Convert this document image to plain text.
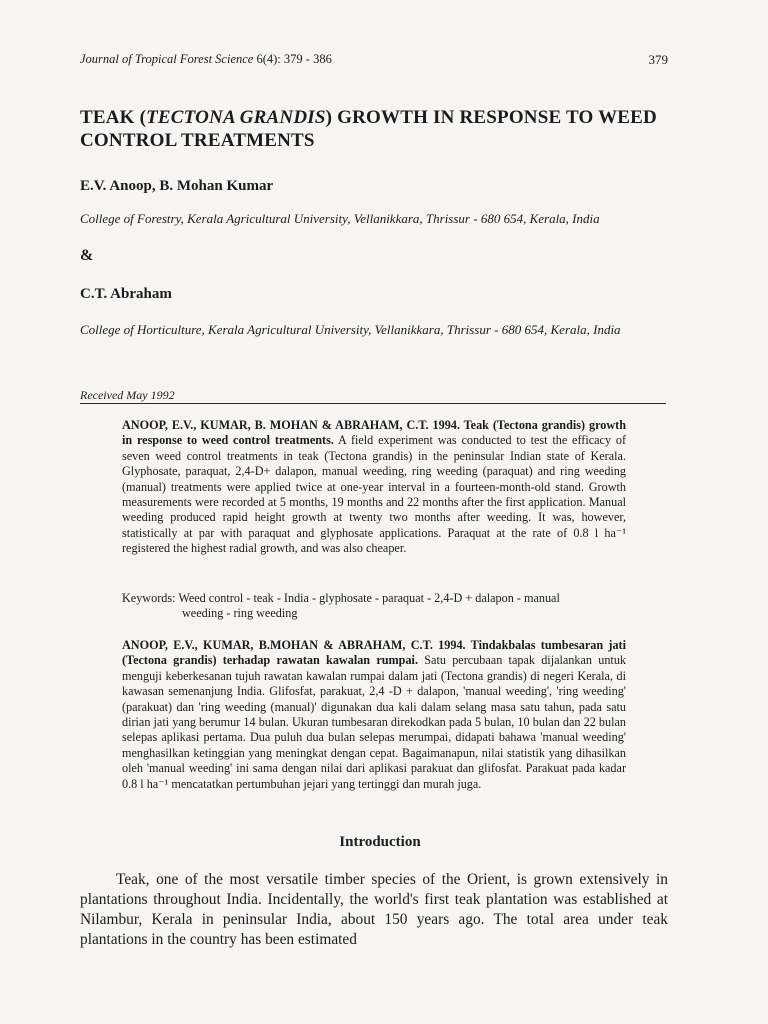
Journal of Tropical Forest Science 6(4): 379 - 386	379
TEAK (TECTONA GRANDIS) GROWTH IN RESPONSE TO WEED CONTROL TREATMENTS
E.V. Anoop, B. Mohan Kumar
College of Forestry, Kerala Agricultural University, Vellanikkara, Thrissur - 680 654, Kerala, India
&
C.T. Abraham
College of Horticulture, Kerala Agricultural University, Vellanikkara, Thrissur - 680 654, Kerala, India
Received May 1992
ANOOP, E.V., KUMAR, B. MOHAN & ABRAHAM, C.T. 1994. Teak (Tectona grandis) growth in response to weed control treatments. A field experiment was conducted to test the efficacy of seven weed control treatments in teak (Tectona grandis) in the peninsular Indian state of Kerala. Glyphosate, paraquat, 2,4-D+ dalapon, manual weeding, ring weeding (paraquat) and ring weeding (manual) treatments were applied twice at one-year interval in a fourteen-month-old stand. Growth measurements were recorded at 5 months, 19 months and 22 months after the first application. Manual weeding produced rapid height growth at twenty two months after weeding. It was, however, statistically at par with paraquat and glyphosate applications. Paraquat at the rate of 0.8 l ha⁻¹ registered the highest radial growth, and was also cheaper.
Keywords: Weed control - teak - India - glyphosate - paraquat - 2,4-D + dalapon - manual
weeding - ring weeding
ANOOP, E.V., KUMAR, B.MOHAN & ABRAHAM, C.T. 1994. Tindakbalas tumbesaran jati (Tectona grandis) terhadap rawatan kawalan rumpai. Satu percubaan tapak dijalankan untuk menguji keberkesanan tujuh rawatan kawalan rumpai dalam jati (Tectona grandis) di negeri Kerala, di kawasan semenanjung India. Glifosfat, parakuat, 2,4 -D + dalapon, 'manual weeding', 'ring weeding' (parakuat) dan 'ring weeding (manual)' digunakan dua kali dalam selang masa satu tahun, pada satu dirian jati yang berumur 14 bulan. Ukuran tumbesaran direkodkan pada 5 bulan, 10 bulan dan 22 bulan selepas aplikasi pertama. Dua puluh dua bulan selepas merumpai, didapati bahawa 'manual weeding' menghasilkan ketinggian yang meningkat dengan cepat. Bagaimanapun, nilai statistik yang dihasilkan oleh 'manual weeding' ini sama dengan nilai dari aplikasi parakuat dan glifosfat. Parakuat pada kadar 0.8 l ha⁻¹ mencatatkan pertumbuhan jejari yang tertinggi dan murah juga.
Introduction
Teak, one of the most versatile timber species of the Orient, is grown extensively in plantations throughout India. Incidentally, the world's first teak plantation was established at Nilambur, Kerala in peninsular India, about 150 years ago. The total area under teak plantations in the country has been estimated
